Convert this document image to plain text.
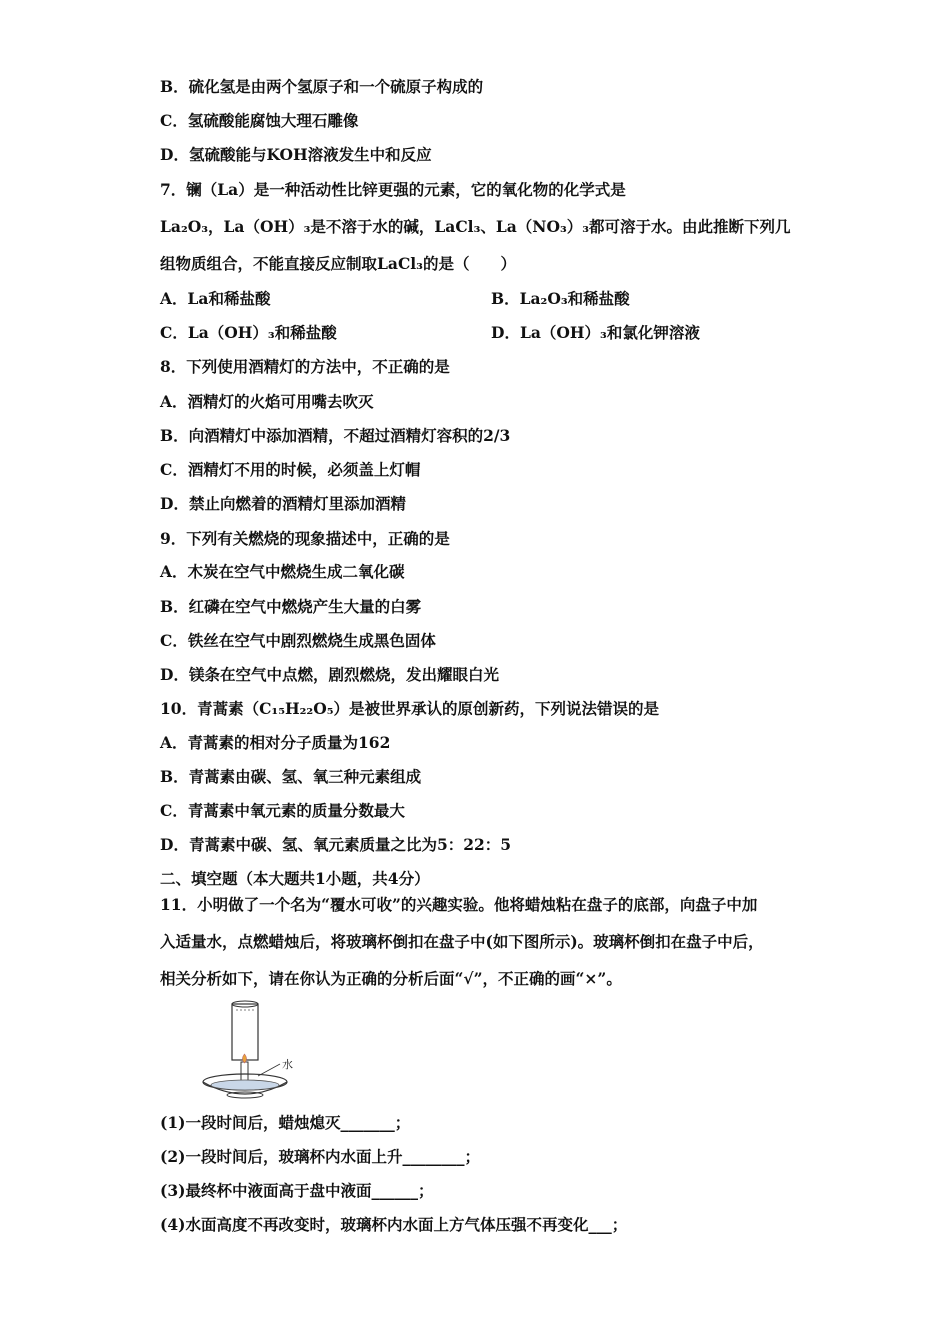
B．硫化氢是由两个氢原子和一个硫原子构成的
C．氢硫酸能腐蚀大理石雕像
D．氢硫酸能与KOH溶液发生中和反应
7．镧（La）是一种活动性比锌更强的元素，它的氧化物的化学式是
La₂O₃，La（OH）₃是不溶于水的碱，LaCl₃、La（NO₃）₃都可溶于水。由此推断下列几
组物质组合，不能直接反应制取LaCl₃的是（　　）
A．La和稀盐酸	B．La₂O₃和稀盐酸
C．La（OH）₃和稀盐酸	D．La（OH）₃和氯化钾溶液
8．下列使用酒精灯的方法中，不正确的是
A．酒精灯的火焰可用嘴去吹灭
B．向酒精灯中添加酒精，不超过酒精灯容积的2/3
C．酒精灯不用的时候，必须盖上灯帽
D．禁止向燃着的酒精灯里添加酒精
9．下列有关燃烧的现象描述中，正确的是
A．木炭在空气中燃烧生成二氧化碳
B．红磷在空气中燃烧产生大量的白雾
C．铁丝在空气中剧烈燃烧生成黑色固体
D．镁条在空气中点燃，剧烈燃烧，发出耀眼白光
10．青蒿素（C₁₅H₂₂O₅）是被世界承认的原创新药，下列说法错误的是
A．青蒿素的相对分子质量为162
B．青蒿素由碳、氢、氧三种元素组成
C．青蒿素中氧元素的质量分数最大
D．青蒿素中碳、氢、氧元素质量之比为5：22：5
二、填空题（本大题共1小题，共4分）
11．小明做了一个名为“覆水可收”的兴趣实验。他将蜡烛粘在盘子的底部，向盘子中加
入适量水，点燃蜡烛后，将玻璃杯倒扣在盘子中(如下图所示)。玻璃杯倒扣在盘子中后，
相关分析如下，请在你认为正确的分析后面“√”，不正确的画“×”。
水
(1)一段时间后，蜡烛熄灭_______；
(2)一段时间后，玻璃杯内水面上升________；
(3)最终杯中液面高于盘中液面______；
(4)水面高度不再改变时，玻璃杯内水面上方气体压强不再变化___；
